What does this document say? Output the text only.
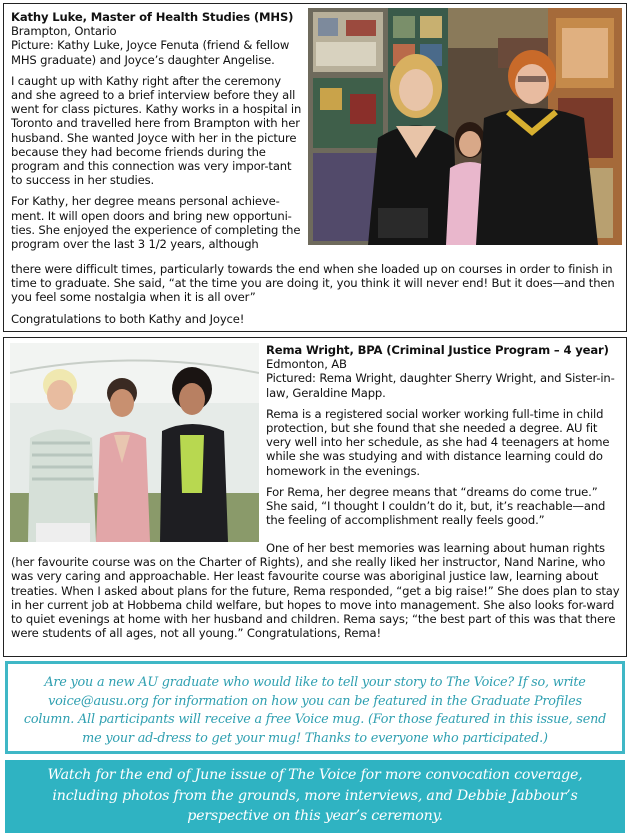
Kathy Luke, Master of Health Studies (MHS)
Brampton, Ontario
Picture: Kathy Luke, Joyce Fenuta (friend & fellow MHS graduate) and Joyce’s daughter Angelise.

I caught up with Kathy right after the ceremony and she agreed to a brief interview before they all went for class pictures. Kathy works in a hospital in Toronto and travelled here from Brampton with her husband. She wanted Joyce with her in the picture because they had become friends during the program and this connection was very impor-tant to success in her studies.

For Kathy, her degree means personal achieve-ment. It will open doors and bring new opportuni-ties. She enjoyed the experience of completing the program over the last 3 1/2 years, although

there were difficult times, particularly towards the end when she loaded up on courses in order to finish in time to graduate. She said, “at the time you are doing it, you think it will never end! But it does—and then you feel some nostalgia when it is all over”

Congratulations to both Kathy and Joyce!

Rema Wright, BPA (Criminal Justice Program – 4 year)
Edmonton, AB
Pictured: Rema Wright, daughter Sherry Wright, and Sister-in-law, Geraldine Mapp.

Rema is a registered social worker working full-time in child protection, but she found that she needed a degree. AU fit very well into her schedule, as she had 4 teenagers at home while she was studying and with distance learning could do homework in the evenings.

For Rema, her degree means that “dreams do come true.” She said, “I thought I couldn’t do it, but, it’s reachable—and the feeling of accomplishment really feels good.”

One of her best memories was learning about human rights

(her favourite course was on the Charter of Rights), and she really liked her instructor, Nand Narine, who was very caring and approachable. Her least favourite course was aboriginal justice law, learning about treaties. When I asked about plans for the future, Rema responded, “get a big raise!” She does plan to stay in her current job at Hobbema child welfare, but hopes to move into management. She also looks for-ward to quiet evenings at home with her husband and children. Rema says; “the best part of this was that there were students of all ages, not all young.” Congratulations, Rema!

Are you a new AU graduate who would like to tell your story to The Voice? If so, write voice@ausu.org for information on how you can be featured in the Graduate Profiles column. All participants will receive a free Voice mug. (For those featured in this issue, send me your ad-dress to get your mug! Thanks to everyone who participated.)

Watch for the end of June issue of The Voice for more convocation coverage, including photos from the grounds, more interviews, and Debbie Jabbour’s perspective on this year’s ceremony.
